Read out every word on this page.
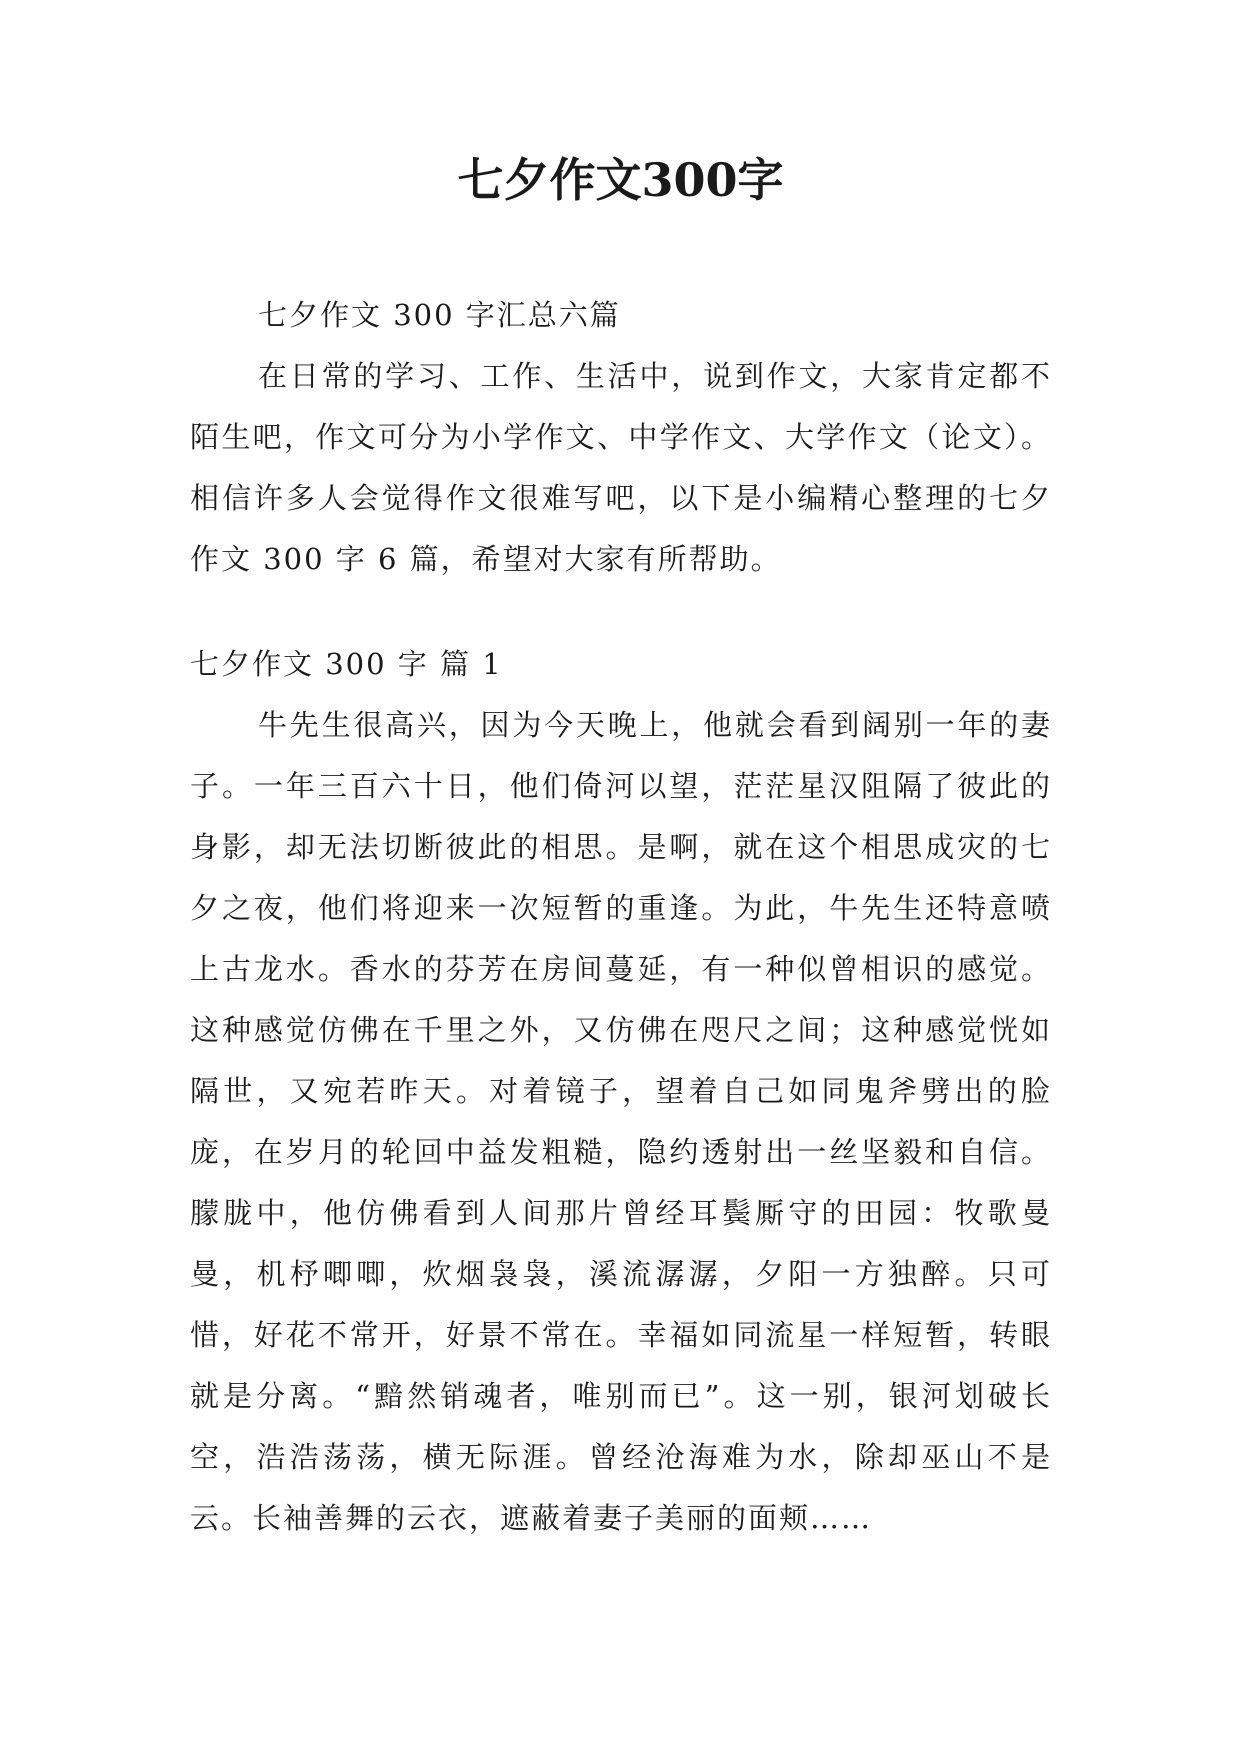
七夕作文300字

七夕作文 300 字汇总六篇

在日常的学习、工作、生活中，说到作文，大家肯定都不陌生吧，作文可分为小学作文、中学作文、大学作文（论文）。相信许多人会觉得作文很难写吧，以下是小编精心整理的七夕作文 300 字 6 篇，希望对大家有所帮助。

七夕作文 300 字 篇 1

牛先生很高兴，因为今天晚上，他就会看到阔别一年的妻子。一年三百六十日，他们倚河以望，茫茫星汉阻隔了彼此的身影，却无法切断彼此的相思。是啊，就在这个相思成灾的七夕之夜，他们将迎来一次短暂的重逢。为此，牛先生还特意喷上古龙水。香水的芬芳在房间蔓延，有一种似曾相识的感觉。这种感觉仿佛在千里之外，又仿佛在咫尺之间；这种感觉恍如隔世，又宛若昨天。对着镜子，望着自己如同鬼斧劈出的脸庞，在岁月的轮回中益发粗糙，隐约透射出一丝坚毅和自信。朦胧中，他仿佛看到人间那片曾经耳鬓厮守的田园：牧歌曼曼，机杼唧唧，炊烟袅袅，溪流潺潺，夕阳一方独醉。只可惜，好花不常开，好景不常在。幸福如同流星一样短暂，转眼就是分离。“黯然销魂者，唯别而已”。这一别，银河划破长空，浩浩荡荡，横无际涯。曾经沧海难为水，除却巫山不是云。长袖善舞的云衣，遮蔽着妻子美丽的面颊……
